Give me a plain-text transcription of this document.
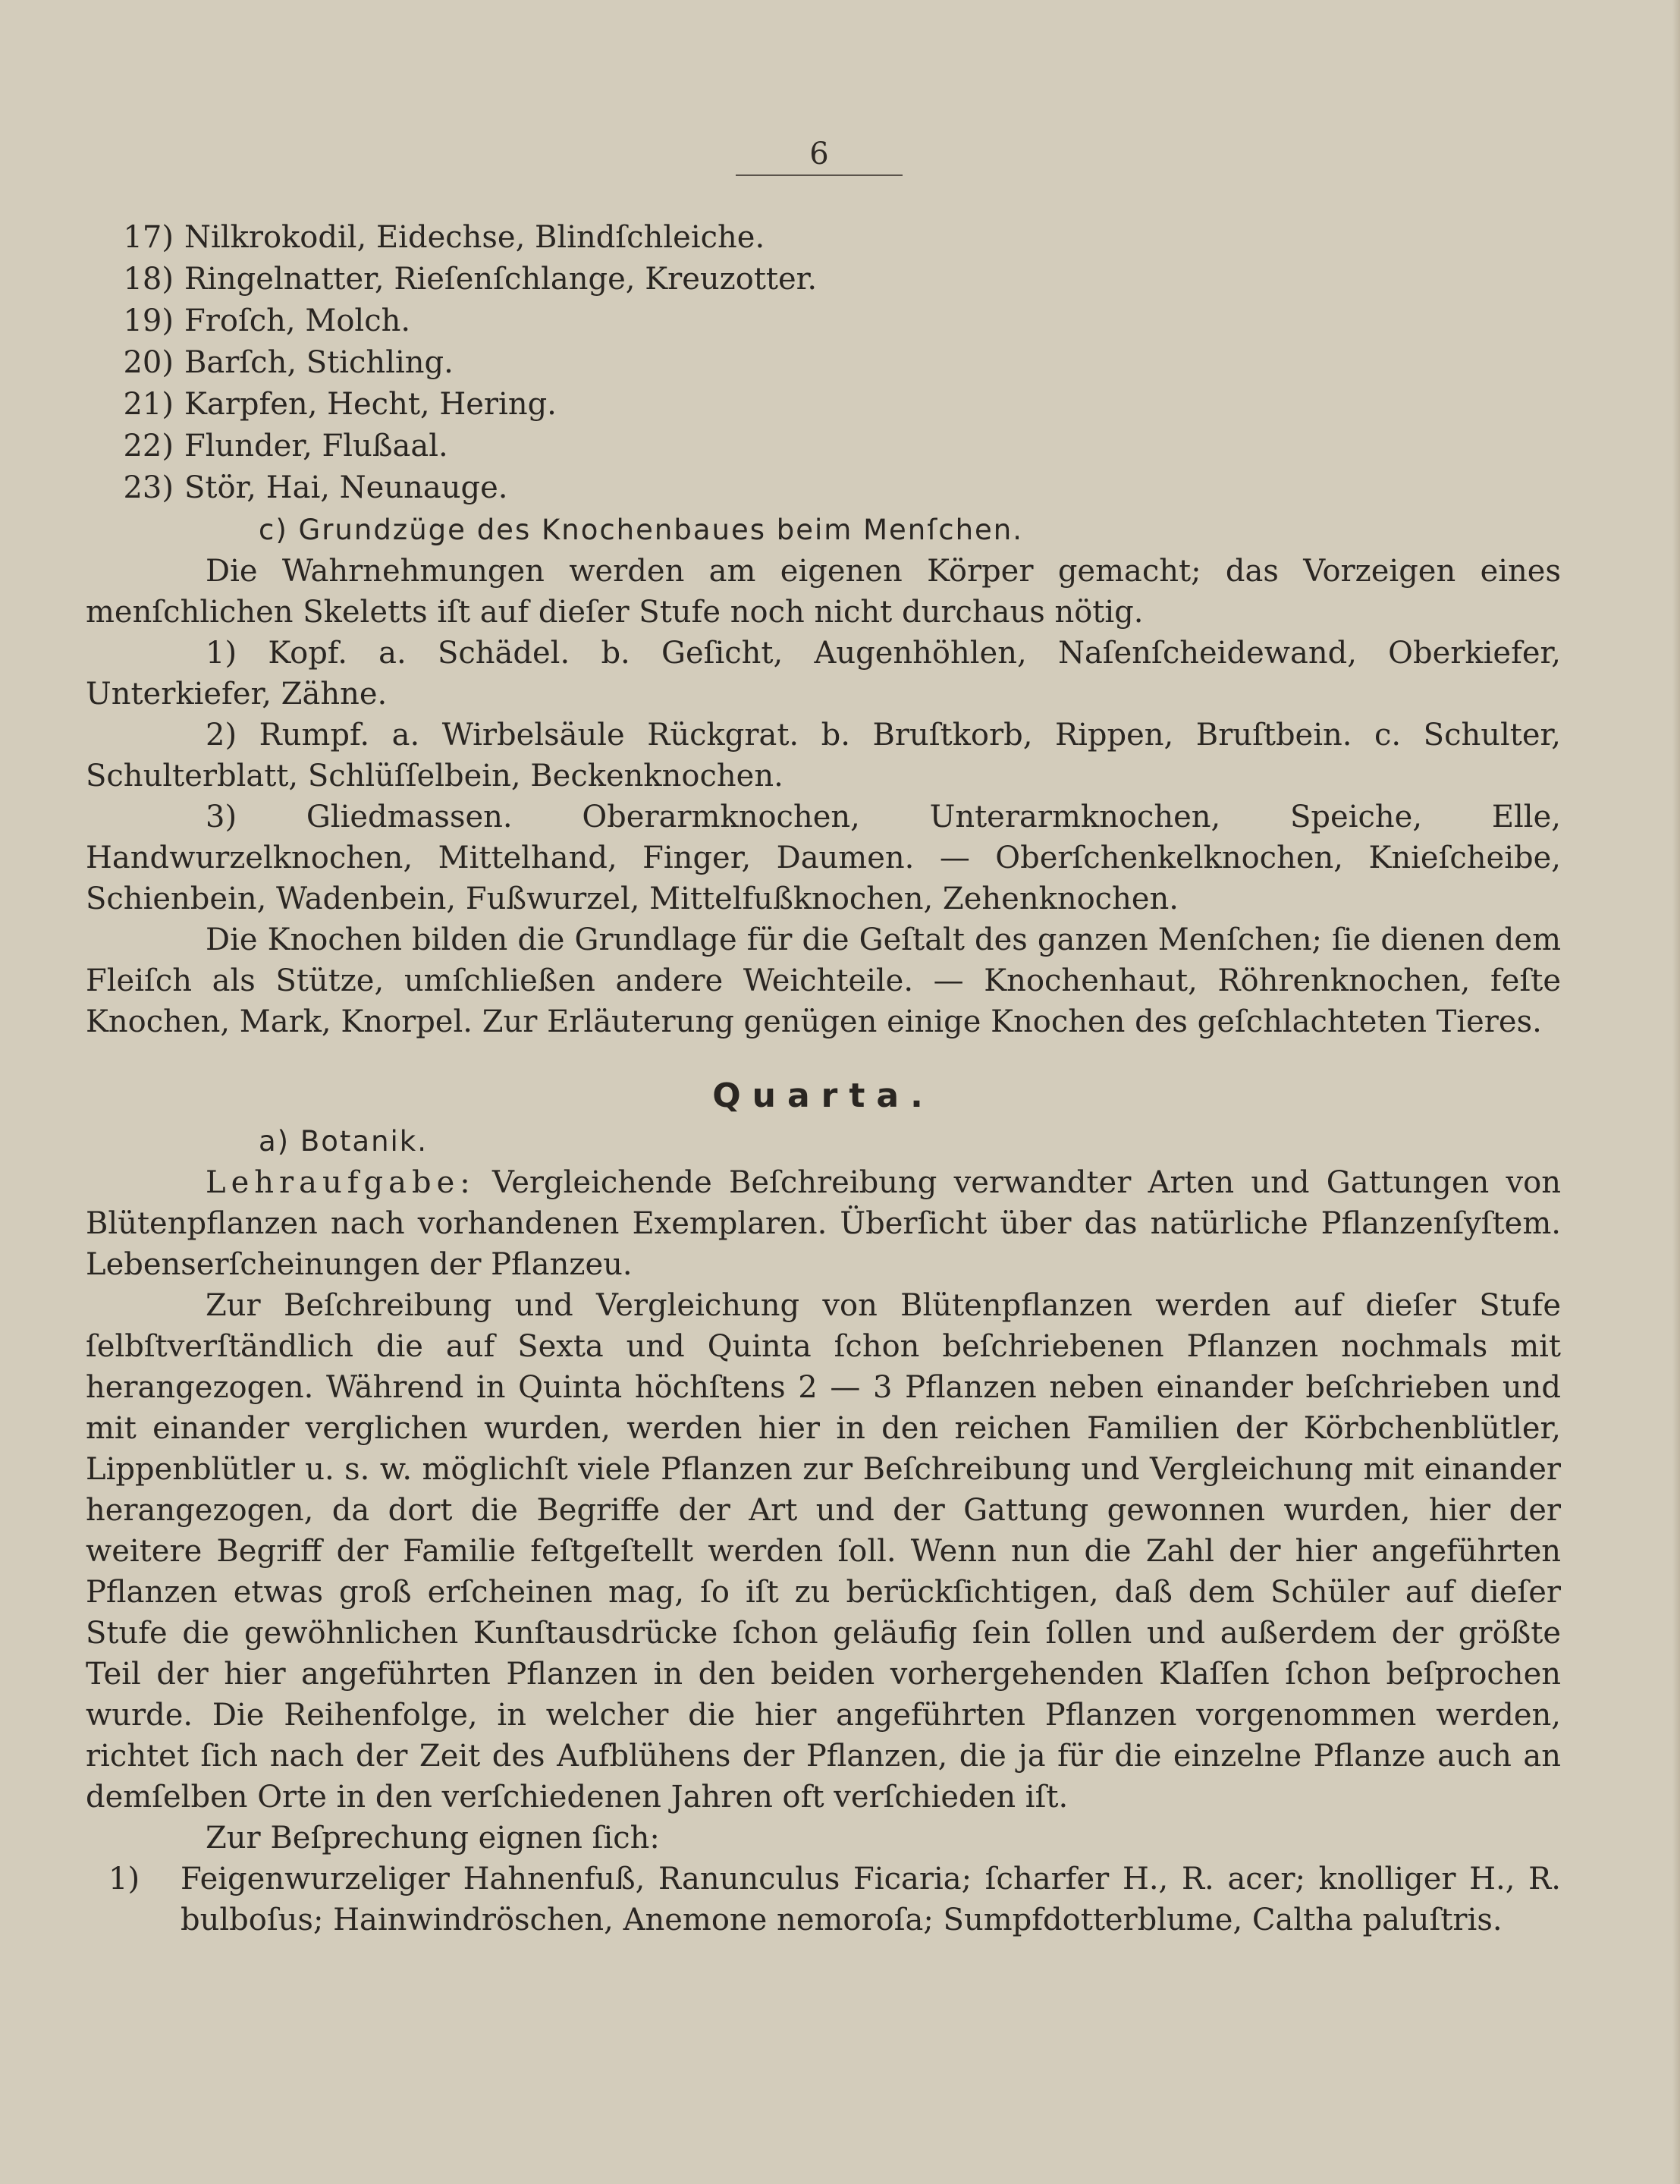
6
17) Nilkrokodil, Eidechse, Blindſchleiche.
18) Ringelnatter, Rieſenſchlange, Kreuzotter.
19) Froſch, Molch.
20) Barſch, Stichling.
21) Karpfen, Hecht, Hering.
22) Flunder, Flußaal.
23) Stör, Hai, Neunauge.
c) Grundzüge des Knochenbaues beim Menſchen.

Die Wahrnehmungen werden am eigenen Körper gemacht; das Vorzeigen eines menſchlichen Skeletts iſt auf dieſer Stufe noch nicht durchaus nötig.

1) Kopf. a. Schädel. b. Geſicht, Augenhöhlen, Naſenſcheidewand, Oberkiefer, Unterkiefer, Zähne.

2) Rumpf. a. Wirbelsäule Rückgrat. b. Bruſtkorb, Rippen, Bruſtbein. c. Schulter, Schulterblatt, Schlüſſelbein, Beckenknochen.

3) Gliedmassen. Oberarmknochen, Unterarmknochen, Speiche, Elle, Handwurzelknochen, Mittelhand, Finger, Daumen. — Oberſchenkelknochen, Knieſcheibe, Schienbein, Wadenbein, Fußwurzel, Mittelfußknochen, Zehenknochen.

Die Knochen bilden die Grundlage für die Geſtalt des ganzen Menſchen; ſie dienen dem Fleiſch als Stütze, umſchließen andere Weichteile. — Knochenhaut, Röhrenknochen, feſte Knochen, Mark, Knorpel. Zur Erläuterung genügen einige Knochen des geſchlachteten Tieres.

Quarta.

a) Botanik.

Lehraufgabe: Vergleichende Beſchreibung verwandter Arten und Gattungen von Blütenpflanzen nach vorhandenen Exemplaren. Überſicht über das natürliche Pflanzenſyſtem. Lebenserſcheinungen der Pflanzeu.

Zur Beſchreibung und Vergleichung von Blütenpflanzen werden auf dieſer Stufe ſelbſtverſtändlich die auf Sexta und Quinta ſchon beſchriebenen Pflanzen nochmals mit herangezogen. Während in Quinta höchſtens 2 — 3 Pflanzen neben einander beſchrieben und mit einander verglichen wurden, werden hier in den reichen Familien der Körbchenblütler, Lippenblütler u. s. w. möglichſt viele Pflanzen zur Beſchreibung und Vergleichung mit einander herangezogen, da dort die Begriffe der Art und der Gattung gewonnen wurden, hier der weitere Begriff der Familie feſtgeſtellt werden ſoll. Wenn nun die Zahl der hier angeführten Pflanzen etwas groß erſcheinen mag, ſo iſt zu berückſichtigen, daß dem Schüler auf dieſer Stufe die gewöhnlichen Kunſtausdrücke ſchon geläufig ſein ſollen und außerdem der größte Teil der hier angeführten Pflanzen in den beiden vorhergehenden Klaſſen ſchon beſprochen wurde. Die Reihenfolge, in welcher die hier angeführten Pflanzen vorgenommen werden, richtet ſich nach der Zeit des Aufblühens der Pflanzen, die ja für die einzelne Pflanze auch an demſelben Orte in den verſchiedenen Jahren oft verſchieden iſt.

Zur Beſprechung eignen ſich:

1)	Feigenwurzeliger Hahnenfuß, Ranunculus Ficaria; ſcharfer H., R. acer; knolliger H., R. bulboſus; Hainwindröschen, Anemone nemoroſa; Sumpfdotterblume, Caltha paluſtris.
